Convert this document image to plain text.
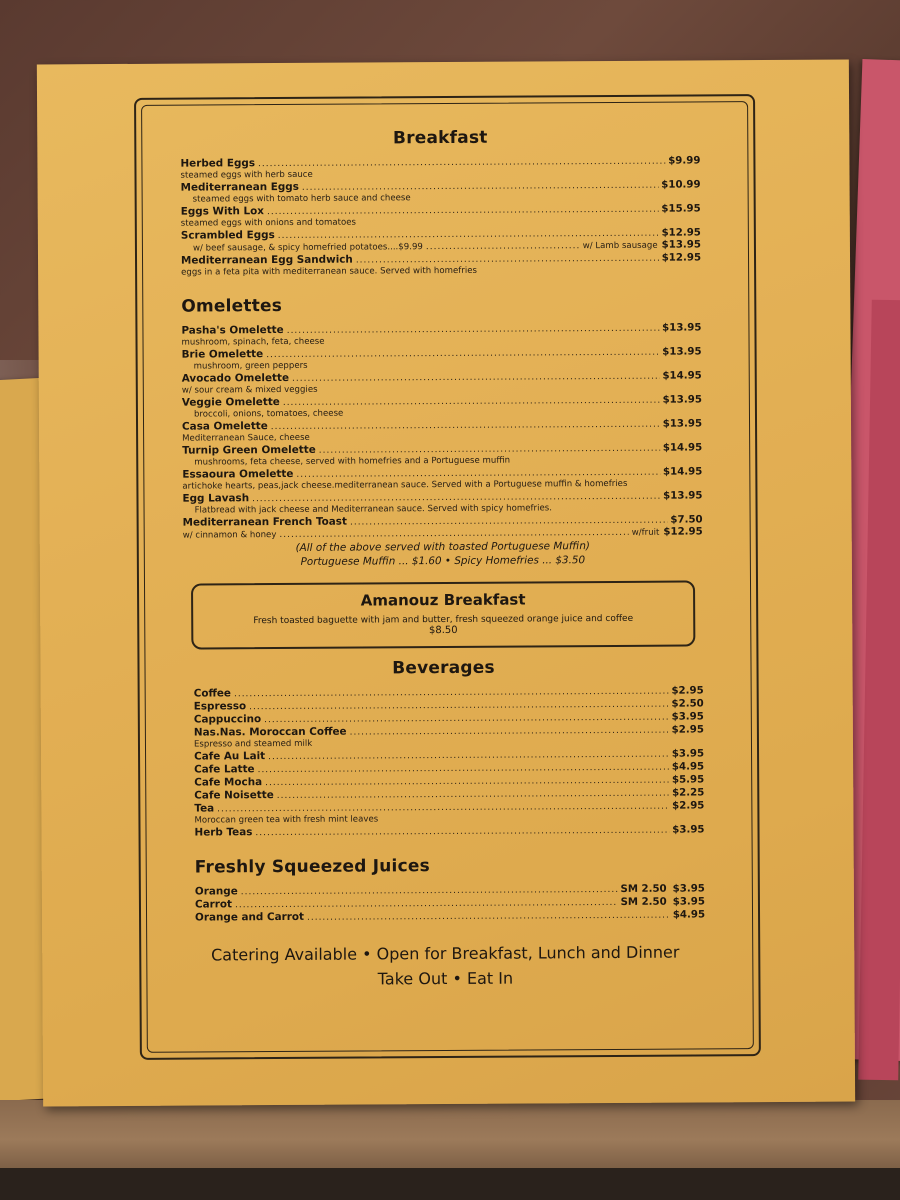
Breakfast
Herbed Eggs .....	$9.99
steamed eggs with herb sauce
Mediterranean Eggs .....	$10.99
steamed eggs with tomato herb sauce and cheese
Eggs With Lox .....	$15.95
steamed eggs with onions and tomatoes
Scrambled Eggs .....	$12.95
w/ beef sausage, & spicy homefried potatoes....$9.99 .....	w/ Lamb sausage $13.95
Mediterranean Egg Sandwich .....	$12.95
eggs in a feta pita with mediterranean sauce. Served with homefries
Omelettes
Pasha's Omelette .....	$13.95
mushroom, spinach, feta, cheese
Brie Omelette .....	$13.95
mushroom, green peppers
Avocado Omelette .....	$14.95
w/ sour cream & mixed veggies
Veggie Omelette .....	$13.95
broccoli, onions, tomatoes, cheese
Casa Omelette .....	$13.95
Mediterranean Sauce, cheese
Turnip Green Omelette .....	$14.95
mushrooms, feta cheese, served with homefries and a Portuguese muffin
Essaoura Omelette .....	$14.95
artichoke hearts, peas,jack cheese.mediterranean sauce. Served with a Portuguese muffin & homefries
Egg Lavash .....	$13.95
Flatbread with jack cheese and Mediterranean sauce. Served with spicy homefries.
Mediterranean French Toast .....	$7.50
w/ cinnamon & honey .....	w/fruit $12.95
(All of the above served with toasted Portuguese Muffin)
Portuguese Muffin ... $1.60 • Spicy Homefries ... $3.50
Amanouz Breakfast
Fresh toasted baguette with jam and butter, fresh squeezed orange juice and coffee
$8.50
Beverages
Coffee .....	$2.95
Espresso .....	$2.50
Cappuccino .....	$3.95
Nas.Nas. Moroccan Coffee .....	$2.95
Espresso and steamed milk
Cafe Au Lait .....	$3.95
Cafe Latte .....	$4.95
Cafe Mocha .....	$5.95
Cafe Noisette .....	$2.25
Tea .....	$2.95
Moroccan green tea with fresh mint leaves
Herb Teas .....	$3.95
Freshly Squeezed Juices
Orange .....	SM 2.50 $3.95
Carrot .....	SM 2.50 $3.95
Orange and Carrot .....	$4.95
Catering Available • Open for Breakfast, Lunch and Dinner
Take Out • Eat In
